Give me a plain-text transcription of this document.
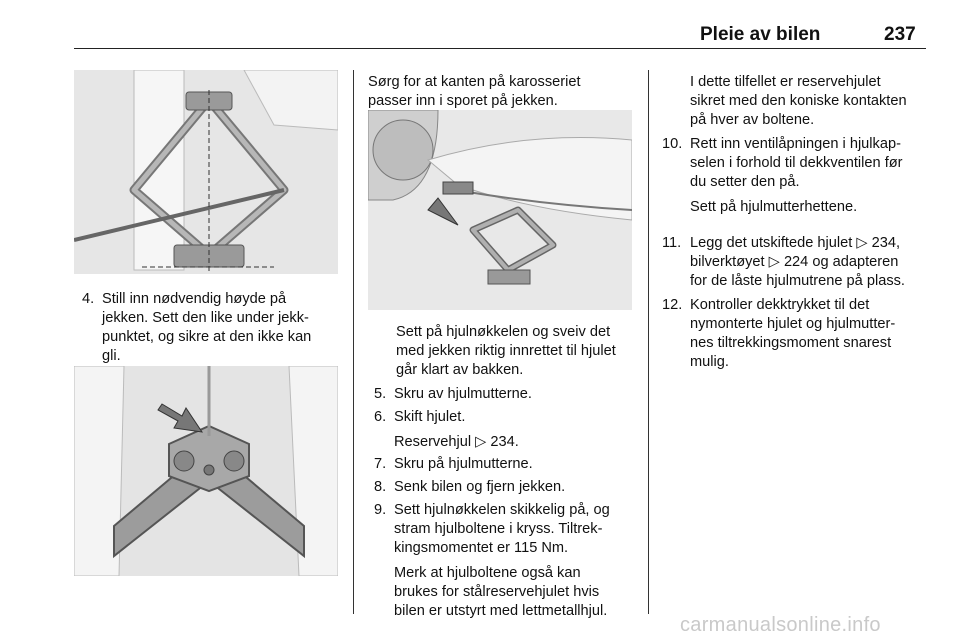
Pleie av bilen	237
4. Still inn nødvendig høyde på
jekken. Sett den like under jekk-
punktet, og sikre at den ikke kan
gli.
Sørg for at kanten på karosseriet
passer inn i sporet på jekken.
Sett på hjulnøkkelen og sveiv det
med jekken riktig innrettet til hjulet
går klart av bakken.
5. Skru av hjulmutterne.
6. Skift hjulet.
Reservehjul ▷ 234.
7. Skru på hjulmutterne.
8. Senk bilen og fjern jekken.
9. Sett hjulnøkkelen skikkelig på, og
stram hjulboltene i kryss. Tiltrek-
kingsmomentet er 115 Nm.
Merk at hjulboltene også kan
brukes for stålreservehjulet hvis
bilen er utstyrt med lettmetallhjul.
I dette tilfellet er reservehjulet
sikret med den koniske kontakten
på hver av boltene.
10. Rett inn ventilåpningen i hjulkap-
selen i forhold til dekkventilen før
du setter den på.
Sett på hjulmutterhettene.
11. Legg det utskiftede hjulet ▷ 234,
bilverktøyet ▷ 224 og adapteren
for de låste hjulmutrene på plass.
12. Kontroller dekktrykket til det
nymonterte hjulet og hjulmutter-
nes tiltrekkingsmoment snarest
mulig.
carmanualsonline.info
